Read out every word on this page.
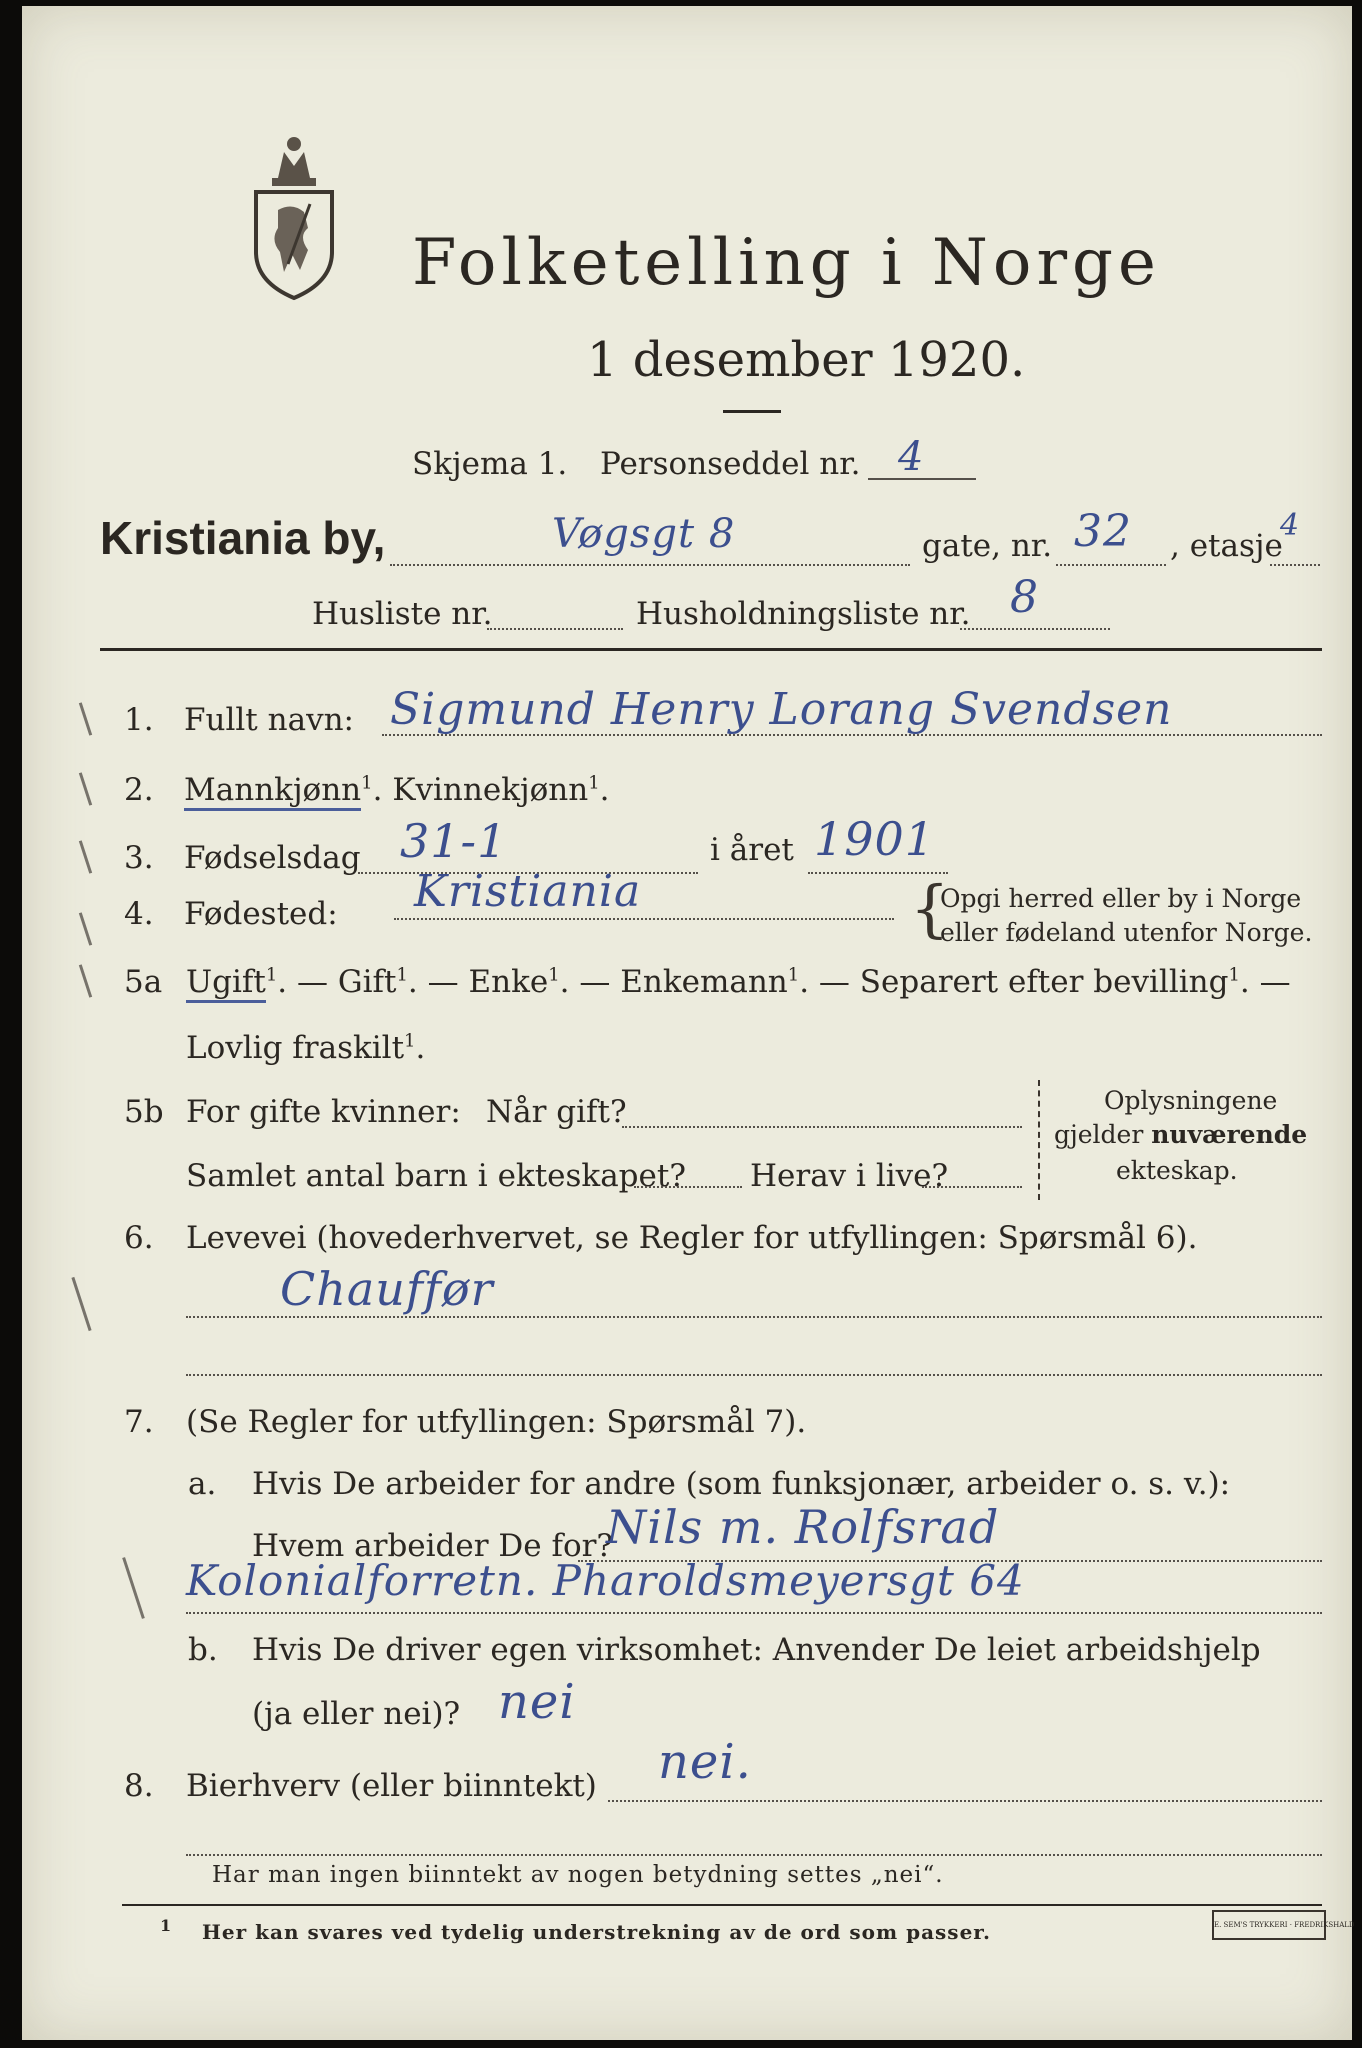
Folketelling i Norge
1 desember 1920.
Skjema 1. Personseddel nr. 4
Kristiania by,	Vøgsgt 8	gate, nr. 32 , etasje
4
Husliste nr.	Husholdningsliste nr. 8
1. Fullt navn: Sigmund Henry Lorang Svendsen
2. Mannkjønn$^1$. Kvinnekjønn$^1$.
3. Fødselsdag 31-1	i året 1901
4. Fødested: Kristiania	{
Opgi herred eller by i Norge
eller fødeland utenfor Norge.
5a Ugift$^1$. — Gift$^1$. — Enke$^1$. — Enkemann$^1$. — Separert efter bevilling$^1$. —
Lovlig fraskilt$^1$.
5b For gifte kvinner: Når gift?
Samlet antal barn i ekteskapet? Herav i live?
Oplysningene
gjelder nuværende
ekteskap.
6. Levevei (hovederhvervet, se Regler for utfyllingen: Spørsmål 6).
Chauffør
7. (Se Regler for utfyllingen: Spørsmål 7).
a. Hvis De arbeider for andre (som funksjonær, arbeider o. s. v.):
Hvem arbeider De for?
Nils m. Rolfsrad
Kolonialforretn. Pharoldsmeyersgt 64
b. Hvis De driver egen virksomhet: Anvender De leiet arbeidshjelp
(ja eller nei)? nei
8. Bierhverv (eller biinntekt) nei.
Har man ingen biinntekt av nogen betydning settes „nei“.
1 Her kan svares ved tydelig understrekning av de ord som passer.	E. SEM'S TRYKKERI · FREDRIKSHALD
